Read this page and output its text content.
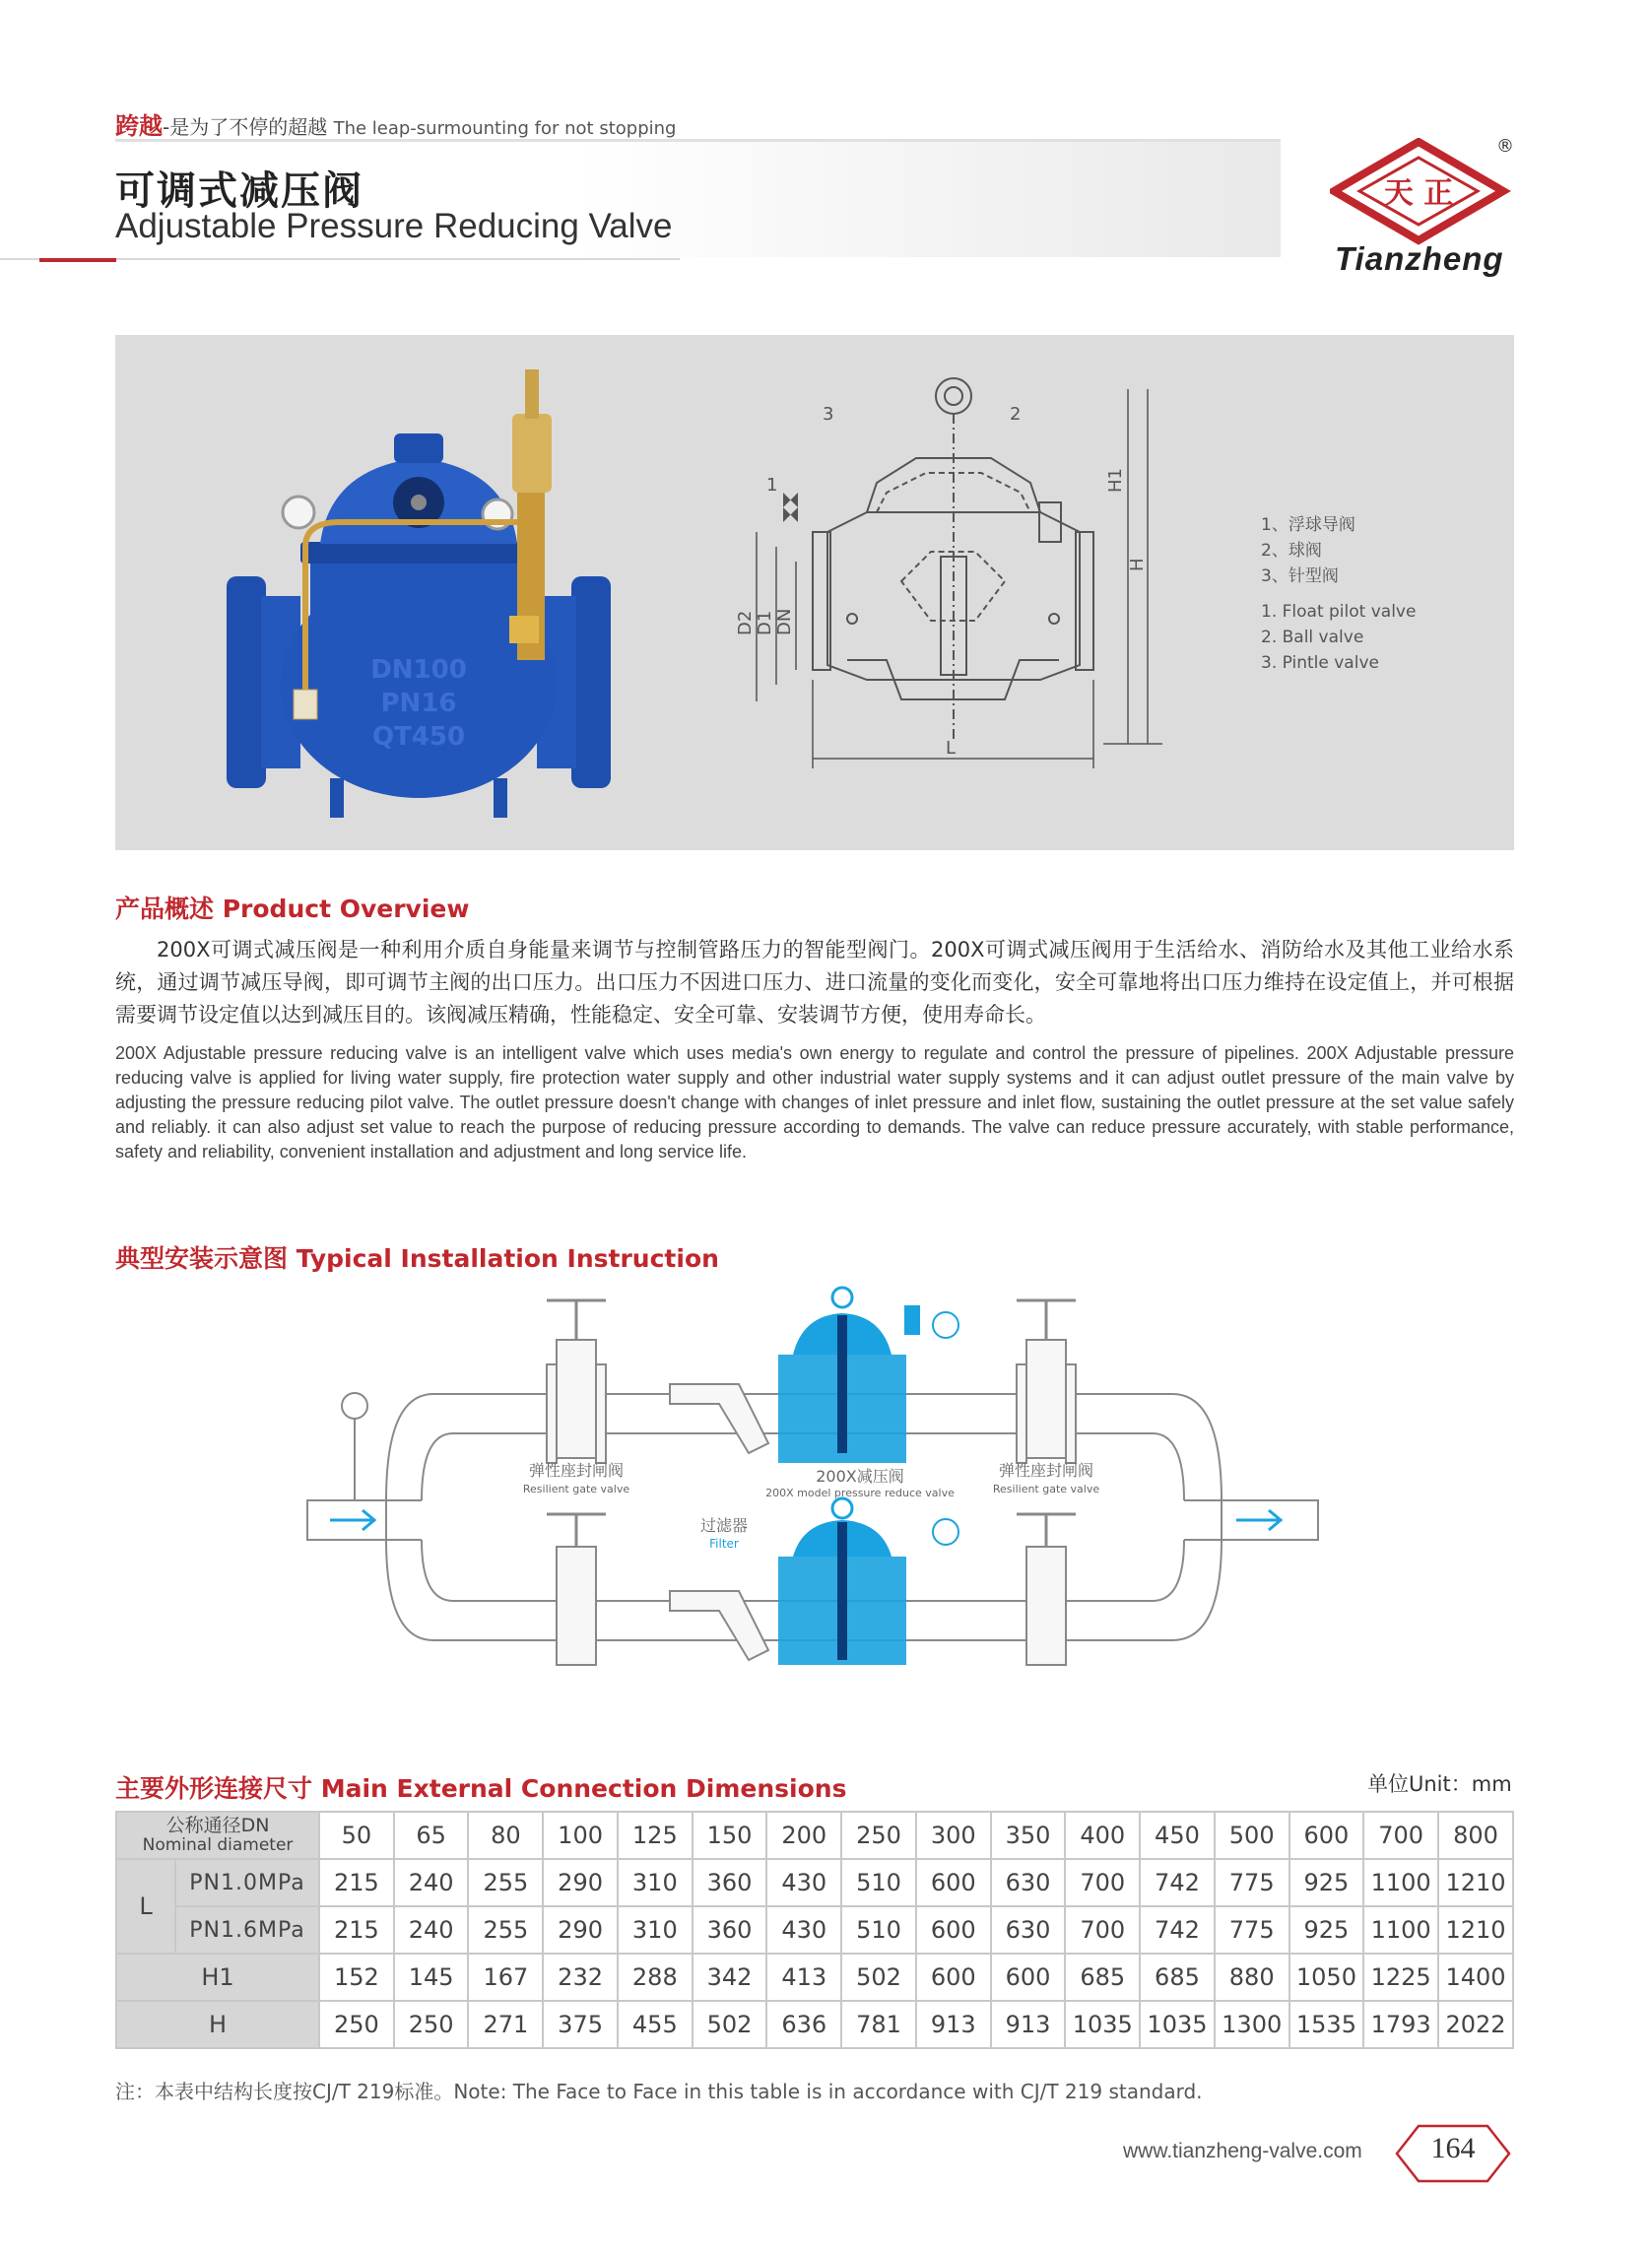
跨越-是为了不停的超越 The leap-surmounting for not stopping
可调式减压阀
Adjustable Pressure Reducing Valve
天 正
®
Tianzheng
DN100
PN16
QT450
1
2
3
H1
H
D2 D1 DN
L
1、浮球导阀
2、球阀
3、针型阀
1. Float pilot valve
2. Ball valve
3. Pintle valve
产品概述 Product Overview
200X可调式减压阀是一种利用介质自身能量来调节与控制管路压力的智能型阀门。200X可调式减压阀用于生活给水、消防给水及其他工业给水系统，通过调节减压导阀，即可调节主阀的出口压力。出口压力不因进口压力、进口流量的变化而变化，安全可靠地将出口压力维持在设定值上，并可根据需要调节设定值以达到减压目的。该阀减压精确，性能稳定、安全可靠、安装调节方便，使用寿命长。
200X Adjustable pressure reducing valve is an intelligent valve which uses media's own energy to regulate and control the pressure of pipelines. 200X Adjustable pressure reducing valve is applied for living water supply, fire protection water supply and other industrial water supply systems and it can adjust outlet pressure of the main valve by adjusting the pressure reducing pilot valve. The outlet pressure doesn't change with changes of inlet pressure and inlet flow, sustaining the outlet pressure at the set value safely and reliably. it can also adjust set value to reach the purpose of reducing pressure according to demands. The valve can reduce pressure accurately, with stable performance, safety and reliability, convenient installation and adjustment and long service life.
典型安装示意图 Typical Installation Instruction
弹性座封闸阀
Resilient gate valve
弹性座封闸阀
Resilient gate valve
200X减压阀
200X model pressure reduce valve
过滤器
Filter
主要外形连接尺寸 Main External Connection Dimensions	单位Unit：mm
公称通径DN
Nominal diameter		50	65	80	100	125	150	200	250	300	350	400	450	500	600	700	800
L	PN1.0MPa	215	240	255	290	310	360	430	510	600	630	700	742	775	925	1100	1210
	PN1.6MPa	215	240	255	290	310	360	430	510	600	630	700	742	775	925	1100	1210
H1		152	145	167	232	288	342	413	502	600	600	685	685	880	1050	1225	1400
H		250	250	271	375	455	502	636	781	913	913	1035	1035	1300	1535	1793	2022
注：本表中结构长度按CJ/T 219标准。Note: The Face to Face in this table is in accordance with CJ/T 219 standard.
www.tianzheng-valve.com	164
